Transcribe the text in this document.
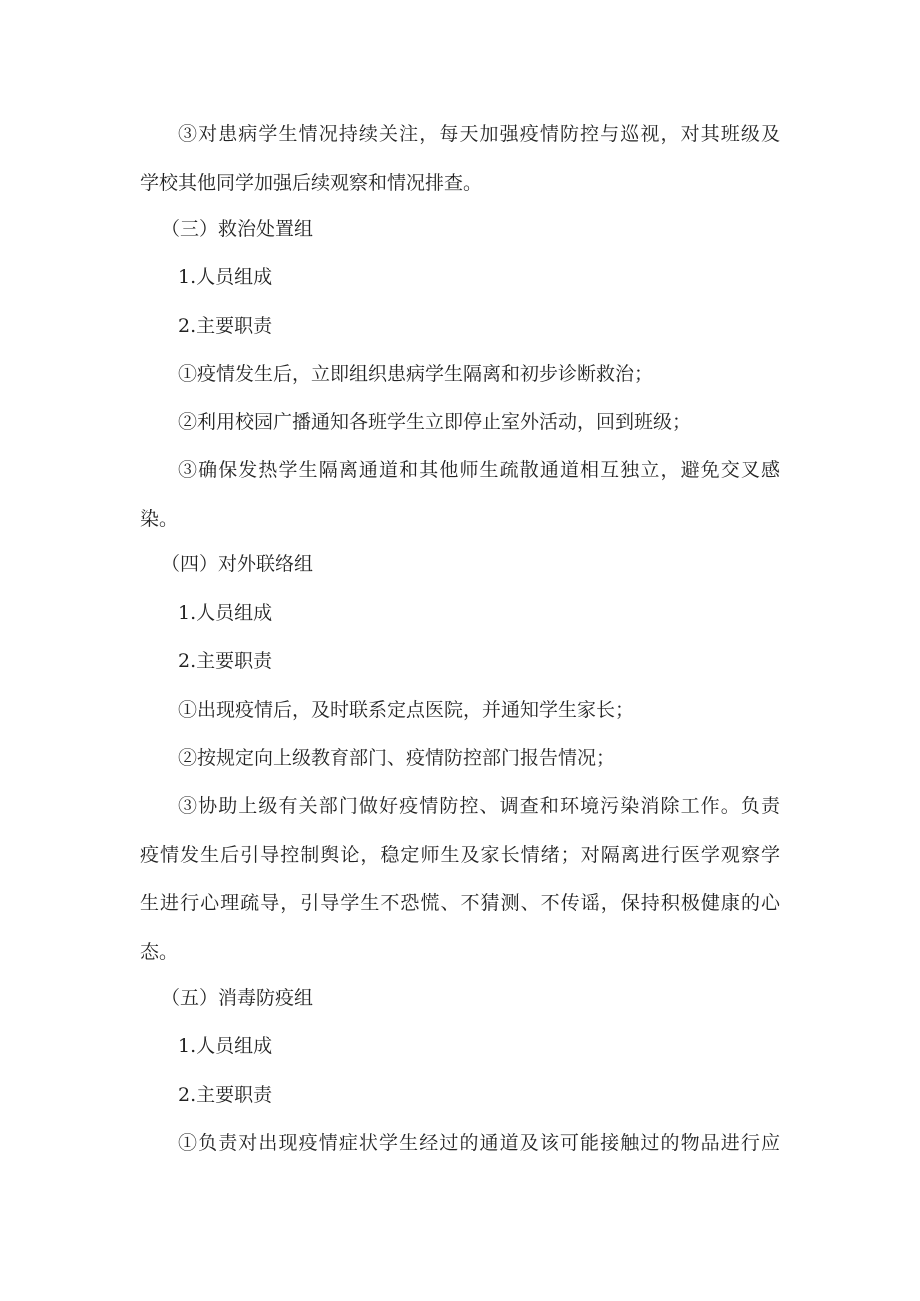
③对患病学生情况持续关注，每天加强疫情防控与巡视，对其班级及
学校其他同学加强后续观察和情况排查。
（三）救治处置组
1.人员组成
2.主要职责
①疫情发生后，立即组织患病学生隔离和初步诊断救治；
②利用校园广播通知各班学生立即停止室外活动，回到班级；
③确保发热学生隔离通道和其他师生疏散通道相互独立，避免交叉感
染。
（四）对外联络组
1.人员组成
2.主要职责
①出现疫情后，及时联系定点医院，并通知学生家长；
②按规定向上级教育部门、疫情防控部门报告情况；
③协助上级有关部门做好疫情防控、调查和环境污染消除工作。负责
疫情发生后引导控制舆论，稳定师生及家长情绪；对隔离进行医学观察学
生进行心理疏导，引导学生不恐慌、不猜测、不传谣，保持积极健康的心
态。
（五）消毒防疫组
1.人员组成
2.主要职责
①负责对出现疫情症状学生经过的通道及该可能接触过的物品进行应
